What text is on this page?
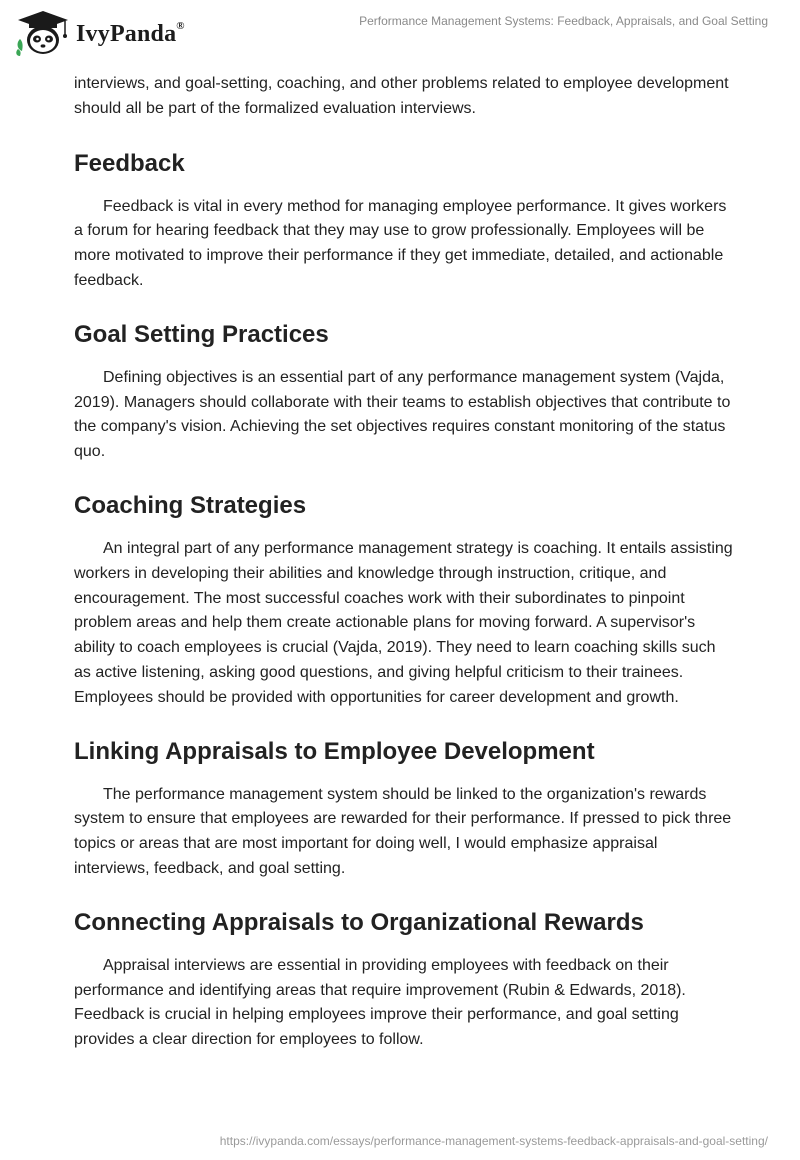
IvyPanda®	Performance Management Systems: Feedback, Appraisals, and Goal Setting

interviews, and goal-setting, coaching, and other problems related to employee development should all be part of the formalized evaluation interviews.

Feedback

Feedback is vital in every method for managing employee performance. It gives workers a forum for hearing feedback that they may use to grow professionally. Employees will be more motivated to improve their performance if they get immediate, detailed, and actionable feedback.

Goal Setting Practices

Defining objectives is an essential part of any performance management system (Vajda, 2019). Managers should collaborate with their teams to establish objectives that contribute to the company's vision. Achieving the set objectives requires constant monitoring of the status quo.

Coaching Strategies

An integral part of any performance management strategy is coaching. It entails assisting workers in developing their abilities and knowledge through instruction, critique, and encouragement. The most successful coaches work with their subordinates to pinpoint problem areas and help them create actionable plans for moving forward. A supervisor's ability to coach employees is crucial (Vajda, 2019). They need to learn coaching skills such as active listening, asking good questions, and giving helpful criticism to their trainees. Employees should be provided with opportunities for career development and growth.

Linking Appraisals to Employee Development

The performance management system should be linked to the organization's rewards system to ensure that employees are rewarded for their performance. If pressed to pick three topics or areas that are most important for doing well, I would emphasize appraisal interviews, feedback, and goal setting.

Connecting Appraisals to Organizational Rewards

Appraisal interviews are essential in providing employees with feedback on their performance and identifying areas that require improvement (Rubin & Edwards, 2018). Feedback is crucial in helping employees improve their performance, and goal setting provides a clear direction for employees to follow.

https://ivypanda.com/essays/performance-management-systems-feedback-appraisals-and-goal-setting/
